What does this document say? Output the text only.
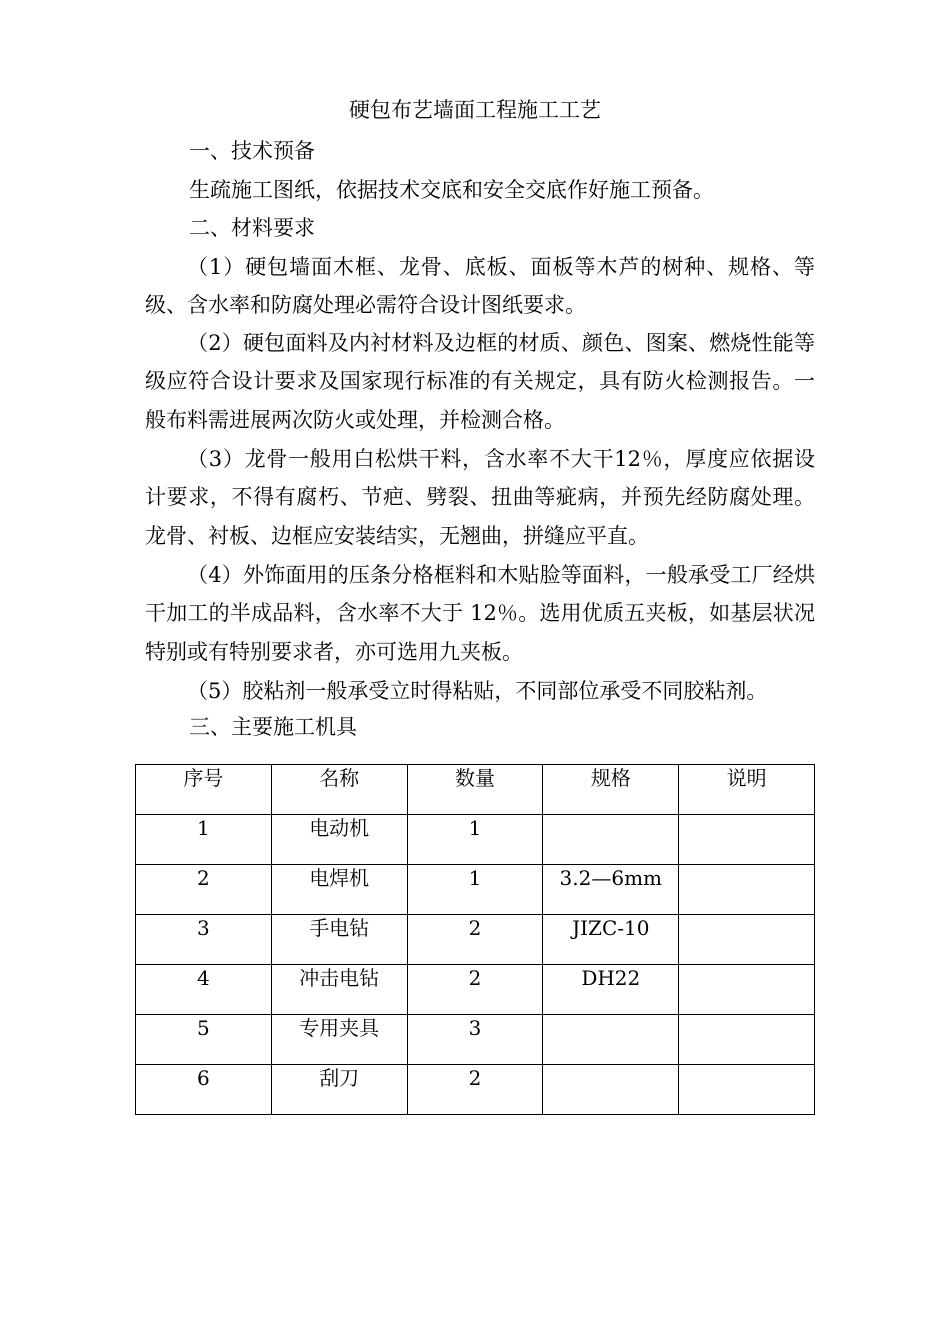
硬包布艺墙面工程施工工艺
一、技术预备
生疏施工图纸，依据技术交底和安全交底作好施工预备。
二、材料要求
（1）硬包墙面木框、龙骨、底板、面板等木芦的树种、规格、等级、含水率和防腐处理必需符合设计图纸要求。
（2）硬包面料及内衬材料及边框的材质、颜色、图案、燃烧性能等级应符合设计要求及国家现行标准的有关规定，具有防火检测报告。一般布料需进展两次防火或处理，并检测合格。
（3）龙骨一般用白松烘干料，含水率不大干12％，厚度应依据设计要求，不得有腐朽、节疤、劈裂、扭曲等疵病，并预先经防腐处理。龙骨、衬板、边框应安装结实，无翘曲，拼缝应平直。
（4）外饰面用的压条分格框料和木贴脸等面料，一般承受工厂经烘干加工的半成品料，含水率不大于 12％。选用优质五夹板，如基层状况特别或有特别要求者，亦可选用九夹板。
（5）胶粘剂一般承受立时得粘贴，不同部位承受不同胶粘剂。
三、主要施工机具
序号	名称	数量	规格	说明

1	电动机	1		

2	电焊机	1	3.2—6mm	

3	手电钻	2	JIZC-10	

4	冲击电钻	2	DH22	

5	专用夹具	3		

6	刮刀	2		
